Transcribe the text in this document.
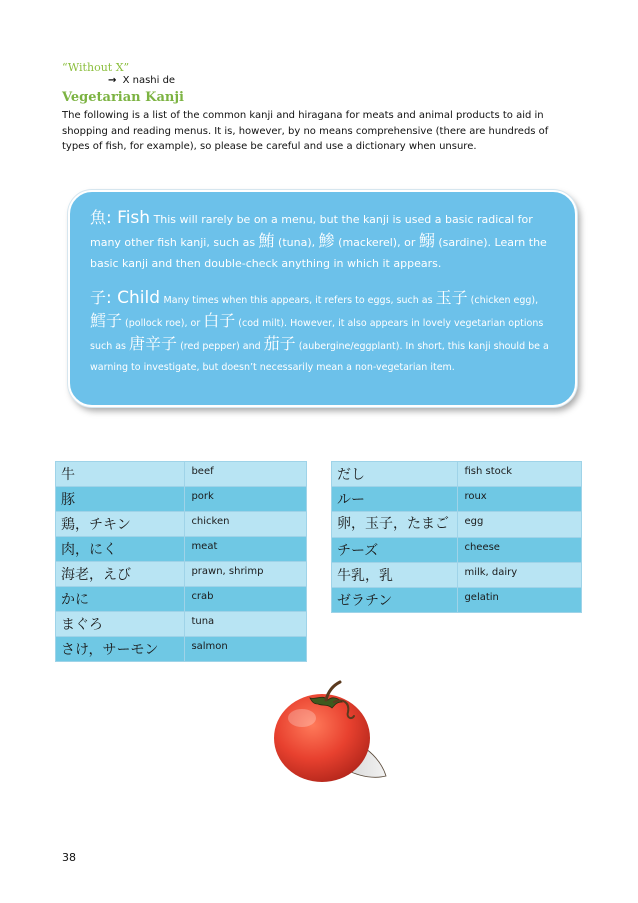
“Without X”
→ X nashi de
Vegetarian Kanji
The following is a list of the common kanji and hiragana for meats and animal products to aid in shopping and reading menus. It is, however, by no means comprehensive (there are hundreds of types of fish, for example), so please be careful and use a dictionary when unsure.

魚: Fish This will rarely be on a menu, but the kanji is used a basic radical for many other fish kanji, such as 鮪 (tuna), 鯵 (mackerel), or 鰯 (sardine). Learn the basic kanji and then double-check anything in which it appears.

子: Child Many times when this appears, it refers to eggs, such as 玉子 (chicken egg), 鱈子 (pollock roe), or 白子 (cod milt). However, it also appears in lovely vegetarian options such as 唐辛子 (red pepper) and 茄子 (aubergine/eggplant). In short, this kanji should be a warning to investigate, but doesn’t necessarily mean a non-vegetarian item.

牛	beef
豚	pork
鶏，チキン	chicken
肉，にく	meat
海老，えび	prawn, shrimp
かに	crab
まぐろ	tuna
さけ，サーモン	salmon
だし	fish stock
ルー	roux
卵，玉子，たまご	egg
チーズ	cheese
牛乳，乳	milk, dairy
ゼラチン	gelatin
38
